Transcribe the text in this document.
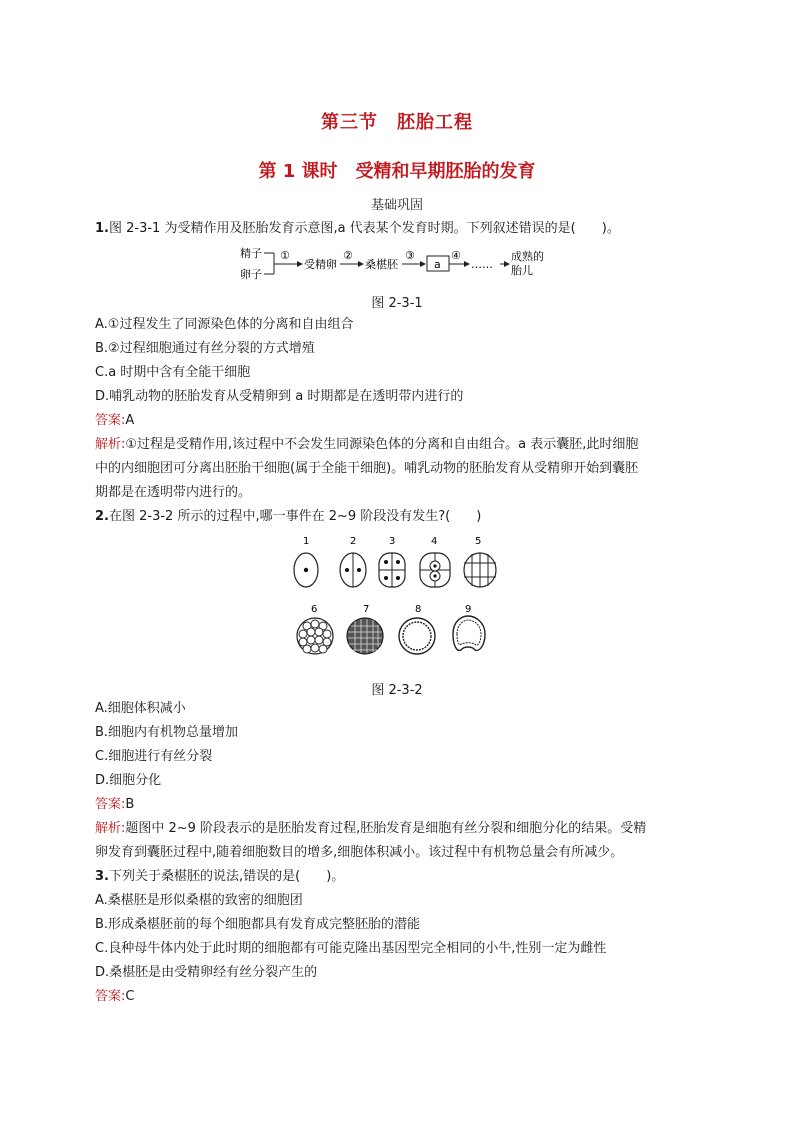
第三节　胚胎工程
第 1 课时　受精和早期胚胎的发育
基础巩固
1.图 2-3-1 为受精作用及胚胎发育示意图,a 代表某个发育时期。下列叙述错误的是(　　)。
精子
卵子
①
受精卵
②
桑椹胚
③
a
④
……
成熟的
胎儿
图 2-3-1
A.①过程发生了同源染色体的分离和自由组合
B.②过程细胞通过有丝分裂的方式增殖
C.a 时期中含有全能干细胞
D.哺乳动物的胚胎发育从受精卵到 a 时期都是在透明带内进行的
答案:A
解析:①过程是受精作用,该过程中不会发生同源染色体的分离和自由组合。a 表示囊胚,此时细胞
中的内细胞团可分离出胚胎干细胞(属于全能干细胞)。哺乳动物的胚胎发育从受精卵开始到囊胚
期都是在透明带内进行的。
2.在图 2-3-2 所示的过程中,哪一事件在 2~9 阶段没有发生?(　　)
1	2	3	4	5
6	7	8	9
图 2-3-2
A.细胞体积减小
B.细胞内有机物总量增加
C.细胞进行有丝分裂
D.细胞分化
答案:B
解析:题图中 2~9 阶段表示的是胚胎发育过程,胚胎发育是细胞有丝分裂和细胞分化的结果。受精
卵发育到囊胚过程中,随着细胞数目的增多,细胞体积减小。该过程中有机物总量会有所减少。
3.下列关于桑椹胚的说法,错误的是(　　)。
A.桑椹胚是形似桑椹的致密的细胞团
B.形成桑椹胚前的每个细胞都具有发育成完整胚胎的潜能
C.良种母牛体内处于此时期的细胞都有可能克隆出基因型完全相同的小牛,性别一定为雌性
D.桑椹胚是由受精卵经有丝分裂产生的
答案:C
